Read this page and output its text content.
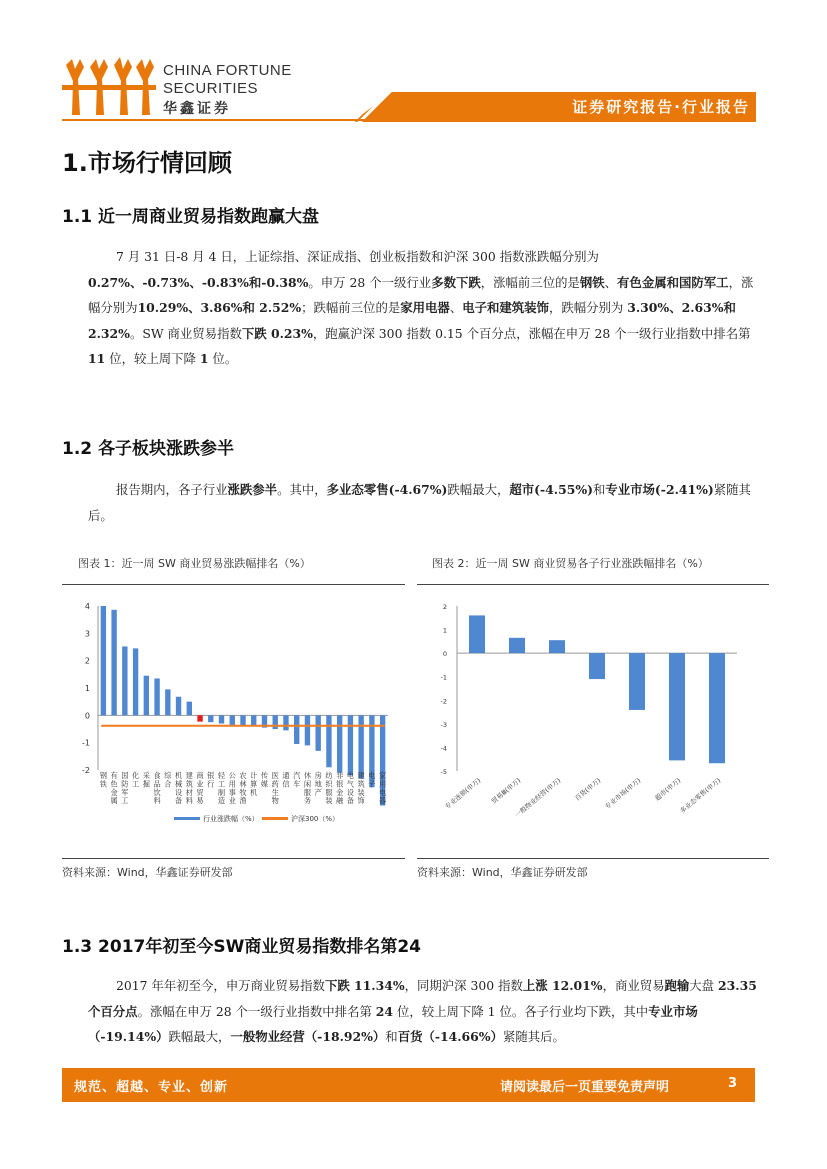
CHINA FORTUNE
SECURITIES
华鑫证券	证券研究报告·行业报告
1.市场行情回顾
1.1 近一周商业贸易指数跑赢大盘
7 月 31 日-8 月 4 日，上证综指、深证成指、创业板指数和沪深 300 指数涨跌幅分别为 0.27%、-0.73%、-0.83%和-0.38%。申万 28 个一级行业多数下跌，涨幅前三位的是钢铁、有色金属和国防军工，涨幅分别为10.29%、3.86%和 2.52%；跌幅前三位的是家用电器、电子和建筑装饰，跌幅分别为 3.30%、2.63%和 2.32%。SW 商业贸易指数下跌 0.23%，跑赢沪深 300 指数 0.15 个百分点，涨幅在申万 28 个一级行业指数中排名第 11 位，较上周下降 1 位。
1.2 各子板块涨跌参半
报告期内，各子行业涨跌参半。其中，多业态零售(-4.67%)跌幅最大，超市(-4.55%)和专业市场(-2.41%)紧随其后。
图表 1：近一周 SW 商业贸易涨跌幅排名（%）	图表 2：近一周 SW 商业贸易各子行业涨跌幅排名（%）
-2
-1
0
1
2
3
4
钢铁
有色金属
国防军工
化工
采掘
食品饮料
综合
机械设备
建筑材料
商业贸易
银行
轻工制造
公用事业
农林牧渔
计算机
传媒
医药生物
通信
汽车
休闲服务
房地产
纺织服装
非银金融
电气设备
建筑装饰
电子
家用电器
行业涨跌幅（%）	沪深300（%）
-5
-4
-3
-2
-1
0
1
2
专业连锁(申万) 贸易Ⅲ(申万)
一般物业经营(申万) 百货(申万) 专业市场(申万) 超市(申万)
多业态零售(申万)
资料来源：Wind，华鑫证券研发部	资料来源：Wind，华鑫证券研发部
1.3 2017年初至今SW商业贸易指数排名第24
2017 年年初至今，申万商业贸易指数下跌 11.34%，同期沪深 300 指数上涨 12.01%，商业贸易跑输大盘 23.35 个百分点。涨幅在申万 28 个一级行业指数中排名第 24 位，较上周下降 1 位。各子行业均下跌，其中专业市场（-19.14%）跌幅最大，一般物业经营（-18.92%）和百货（-14.66%）紧随其后。
规范、超越、专业、创新	请阅读最后一页重要免责声明	3
